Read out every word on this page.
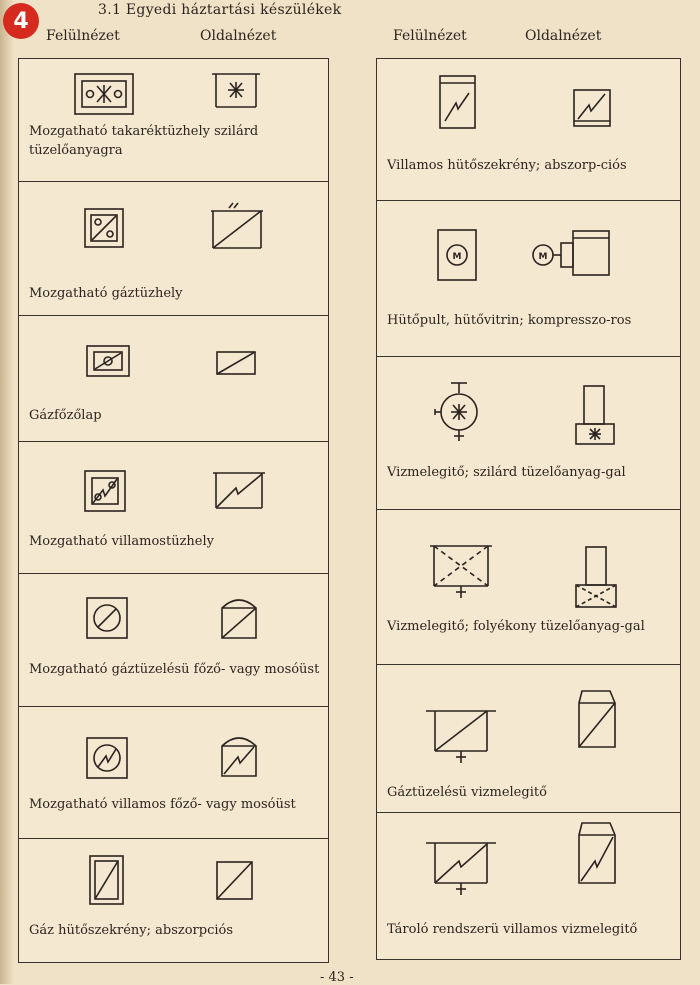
4	3.1 Egyedi háztartási készülékek
Felülnézet	Oldalnézet	Felülnézet	Oldalnézet
Mozgatható takaréktüzhely szilárd tüzelőanyagra
Mozgatható gáztüzhely
Gázfőzőlap
Mozgatható villamostüzhely
Mozgatható gáztüzelésü főző- vagy mosóüst
Mozgatható villamos főző- vagy mosóüst
Gáz hütőszekrény; abszorpciós
Villamos hütőszekrény; abszorp-ciós
M	M
Hütőpult, hütővitrin; kompresszo-ros
Vizmelegitő; szilárd tüzelőanyag-gal
Vizmelegitő; folyékony tüzelőanyag-gal
Gáztüzelésü vizmelegitő
Tároló rendszerü villamos vizmelegitő
- 43 -
